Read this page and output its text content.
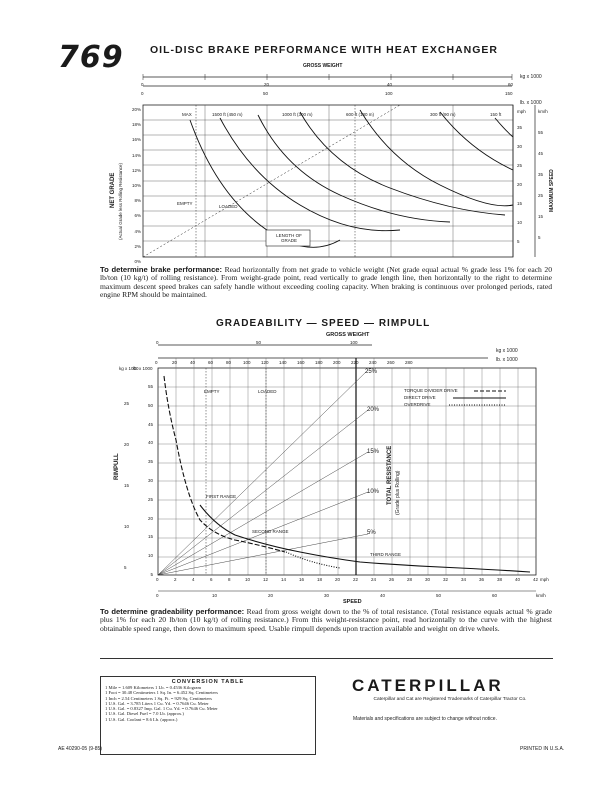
769	OIL-DISC BRAKE PERFORMANCE WITH HEAT EXCHANGER
GROSS WEIGHT
kg x 1000
lb. x 1000
0	20	40	60
0	50	100	150
20%
18%
16%
14%
12%
10%
8%
6%
4%
2%
0%
NET GRADE (Actual Grade less Rolling Resistance)
mph	km/h
35
30
25
20
15
10
5
55
45
35
25
15
5
MAXIMUM SPEED
LENGTH OF GRADE
MAX	1500 ft (450 m)	1000 ft (300 m)	600 ft (180 m)	300 ft (90 m)	150 ft
EMPTY
LOADED
To determine brake performance: Read horizontally from net grade to vehicle weight (Net grade equal actual % grade less 1% for each 20 lb/ton (10 kg/t) of rolling resistance). From weight-grade point, read vertically to grade length line, then horizontally to the right to determine maximum descent speed brakes can safely handle without exceeding cooling capacity. When braking is continuous over prolonged periods, rated engine RPM should be maintained.
GRADEABILITY — SPEED — RIMPULL
GROSS WEIGHT
kg x 1000
lb. x 1000
0	50	100
0	20	40	60	80	100 120 140 160 180 200 220 240 260 280
kg x 1000
lb. x 1000
55
50
45
40
35
30
25
20
15
10
5
25
20
15
10
5
RIMPULL
25%
20%
15%
10%
5%
TOTAL RESISTANCE (Grade plus Rolling)
TORQUE DIVIDER DRIVE
DIRECT DRIVE
OVERDRIVE
EMPTY	LOADED
FIRST RANGE
SECOND RANGE
THIRD RANGE
0	2	4	6	8	10	12	14	16	18	20	22	24	26	28	30	32	34	36	38	40	42 mph
0	10	20	30	40	50	60	km/h
SPEED
To determine gradeability performance: Read from gross weight down to the % of total resistance. (Total resistance equals actual % grade plus 1% for each 20 lb/ton (10 kg/t) of rolling resistance.) From this weight-resistance point, read horizontally to the curve with the highest obtainable speed range, then down to maximum speed. Usable rimpull depends upon traction available and weight on drive wheels.
CONVERSION TABLE
1 Mile = 1.609 Kilometers 1 Lb. = 0.4536 Kilogram
1 Foot = 30.48 Centimeters 1 Sq. In. = 6.452 Sq. Centimeters
1 Inch = 2.54 Centimeters 1 Sq. Ft. = 929 Sq. Centimeters
1 U.S. Gal. = 3.785 Liters 1 Cu. Yd. = 0.7646 Cu. Meter
1 U.S. Gal. = 0.8327 Imp. Gal. 1 Cu. Yd. = 0.7646 Cu. Meter
1 U.S. Gal. Diesel Fuel = 7.0 Lb. (approx.)
1 U.S. Gal. Coolant = 8.6 Lb. (approx.)
CATERPILLAR
Caterpillar and Cat are Registered Trademarks of Caterpillar Tractor Co.
Materials and specifications are subject to change without notice.
AE 40290-05 (9-85)	PRINTED IN U.S.A.
